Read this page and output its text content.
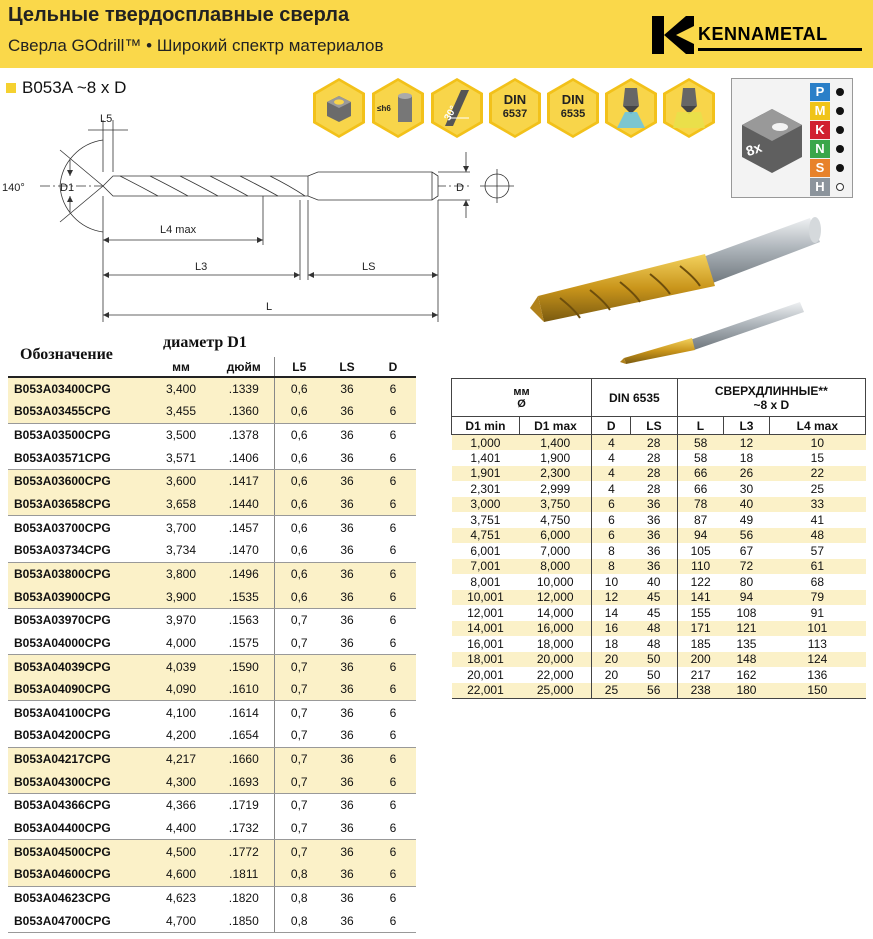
Цельные твердосплавные сверла
Сверла GOdrill™ • Широкий спектр материалов
KENNAMETAL
B053A ~8 x D
≤h6	30°
DIN
6537
DIN
6535
8x
P
M
K
N
S
H
140°	D1
L5
D
L4 max
L3	LS
L
Обозначение
диаметр D1
	мм	дюйм	L5	LS	D
B053A03400CPG	3,400	.1339	0,6	36	6
B053A03455CPG	3,455	.1360	0,6	36	6
B053A03500CPG	3,500	.1378	0,6	36	6
B053A03571CPG	3,571	.1406	0,6	36	6
B053A03600CPG	3,600	.1417	0,6	36	6
B053A03658CPG	3,658	.1440	0,6	36	6
B053A03700CPG	3,700	.1457	0,6	36	6
B053A03734CPG	3,734	.1470	0,6	36	6
B053A03800CPG	3,800	.1496	0,6	36	6
B053A03900CPG	3,900	.1535	0,6	36	6
B053A03970CPG	3,970	.1563	0,7	36	6
B053A04000CPG	4,000	.1575	0,7	36	6
B053A04039CPG	4,039	.1590	0,7	36	6
B053A04090CPG	4,090	.1610	0,7	36	6
B053A04100CPG	4,100	.1614	0,7	36	6
B053A04200CPG	4,200	.1654	0,7	36	6
B053A04217CPG	4,217	.1660	0,7	36	6
B053A04300CPG	4,300	.1693	0,7	36	6
B053A04366CPG	4,366	.1719	0,7	36	6
B053A04400CPG	4,400	.1732	0,7	36	6
B053A04500CPG	4,500	.1772	0,7	36	6
B053A04600CPG	4,600	.1811	0,8	36	6
B053A04623CPG	4,623	.1820	0,8	36	6
B053A04700CPG	4,700	.1850	0,8	36	6
мм
Ø		DIN 6535		СВЕРХДЛИННЫЕ**
~8 x D		
D1 min	D1 max	D	LS	L	L3	L4 max
1,000	1,400	4	28	58	12	10
1,401	1,900	4	28	58	18	15
1,901	2,300	4	28	66	26	22
2,301	2,999	4	28	66	30	25
3,000	3,750	6	36	78	40	33
3,751	4,750	6	36	87	49	41
4,751	6,000	6	36	94	56	48
6,001	7,000	8	36	105	67	57
7,001	8,000	8	36	110	72	61
8,001	10,000	10	40	122	80	68
10,001	12,000	12	45	141	94	79
12,001	14,000	14	45	155	108	91
14,001	16,000	16	48	171	121	101
16,001	18,000	18	48	185	135	113
18,001	20,000	20	50	200	148	124
20,001	22,000	20	50	217	162	136
22,001	25,000	25	56	238	180	150
